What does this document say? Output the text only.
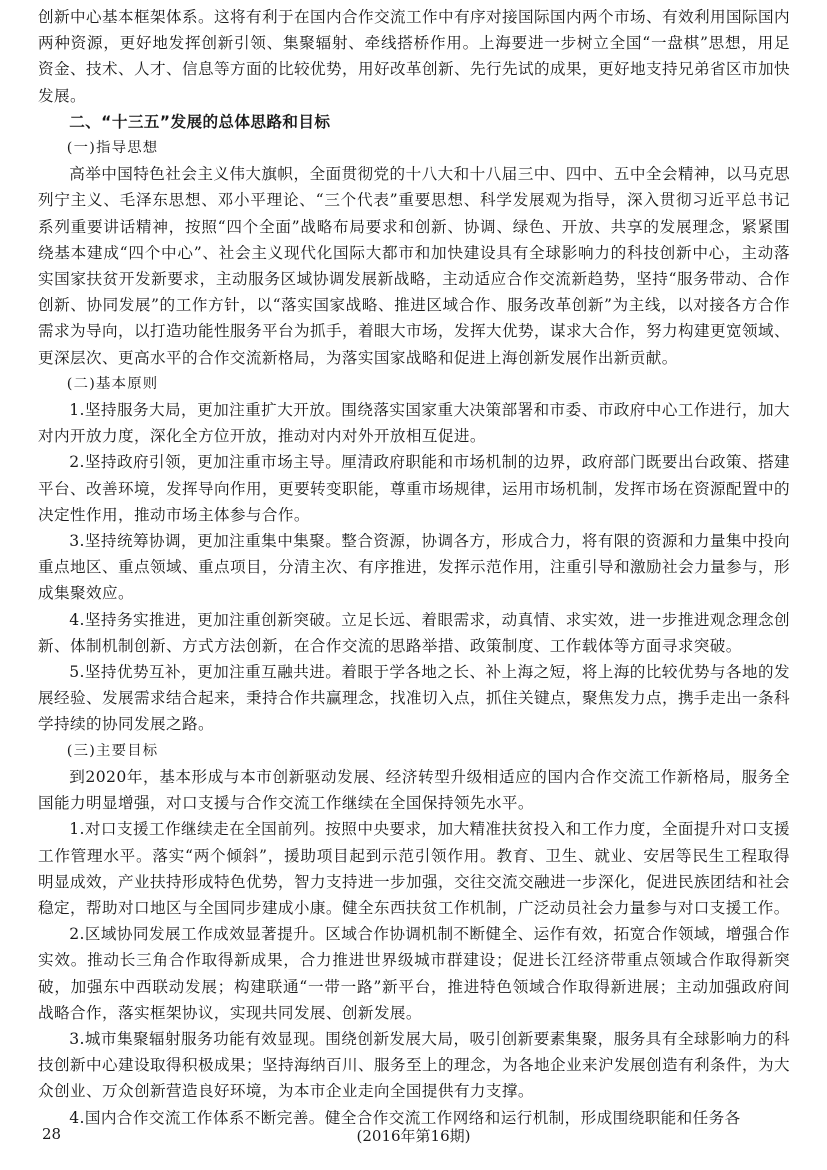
创新中心基本框架体系。这将有利于在国内合作交流工作中有序对接国际国内两个市场、有效利用国际国内两种资源，更好地发挥创新引领、集聚辐射、牵线搭桥作用。上海要进一步树立全国“一盘棋”思想，用足资金、技术、人才、信息等方面的比较优势，用好改革创新、先行先试的成果，更好地支持兄弟省区市加快发展。

二、“十三五”发展的总体思路和目标

(一)指导思想

高举中国特色社会主义伟大旗帜，全面贯彻党的十八大和十八届三中、四中、五中全会精神，以马克思列宁主义、毛泽东思想、邓小平理论、“三个代表”重要思想、科学发展观为指导，深入贯彻习近平总书记系列重要讲话精神，按照“四个全面”战略布局要求和创新、协调、绿色、开放、共享的发展理念，紧紧围绕基本建成“四个中心”、社会主义现代化国际大都市和加快建设具有全球影响力的科技创新中心，主动落实国家扶贫开发新要求，主动服务区域协调发展新战略，主动适应合作交流新趋势，坚持“服务带动、合作创新、协同发展”的工作方针，以“落实国家战略、推进区域合作、服务改革创新”为主线，以对接各方合作需求为导向，以打造功能性服务平台为抓手，着眼大市场，发挥大优势，谋求大合作，努力构建更宽领域、更深层次、更高水平的合作交流新格局，为落实国家战略和促进上海创新发展作出新贡献。

(二)基本原则

1.坚持服务大局，更加注重扩大开放。围绕落实国家重大决策部署和市委、市政府中心工作进行，加大对内开放力度，深化全方位开放，推动对内对外开放相互促进。

2.坚持政府引领，更加注重市场主导。厘清政府职能和市场机制的边界，政府部门既要出台政策、搭建平台、改善环境，发挥导向作用，更要转变职能，尊重市场规律，运用市场机制，发挥市场在资源配置中的决定性作用，推动市场主体参与合作。

3.坚持统筹协调，更加注重集中集聚。整合资源，协调各方，形成合力，将有限的资源和力量集中投向重点地区、重点领域、重点项目，分清主次、有序推进，发挥示范作用，注重引导和激励社会力量参与，形成集聚效应。

4.坚持务实推进，更加注重创新突破。立足长远、着眼需求，动真情、求实效，进一步推进观念理念创新、体制机制创新、方式方法创新，在合作交流的思路举措、政策制度、工作载体等方面寻求突破。

5.坚持优势互补，更加注重互融共进。着眼于学各地之长、补上海之短，将上海的比较优势与各地的发展经验、发展需求结合起来，秉持合作共赢理念，找准切入点，抓住关键点，聚焦发力点，携手走出一条科学持续的协同发展之路。

(三)主要目标

到2020年，基本形成与本市创新驱动发展、经济转型升级相适应的国内合作交流工作新格局，服务全国能力明显增强，对口支援与合作交流工作继续在全国保持领先水平。

1.对口支援工作继续走在全国前列。按照中央要求，加大精准扶贫投入和工作力度，全面提升对口支援工作管理水平。落实“两个倾斜”，援助项目起到示范引领作用。教育、卫生、就业、安居等民生工程取得明显成效，产业扶持形成特色优势，智力支持进一步加强，交往交流交融进一步深化，促进民族团结和社会稳定，帮助对口地区与全国同步建成小康。健全东西扶贫工作机制，广泛动员社会力量参与对口支援工作。

2.区域协同发展工作成效显著提升。区域合作协调机制不断健全、运作有效，拓宽合作领域，增强合作实效。推动长三角合作取得新成果，合力推进世界级城市群建设；促进长江经济带重点领域合作取得新突破，加强东中西联动发展；构建联通“一带一路”新平台，推进特色领域合作取得新进展；主动加强政府间战略合作，落实框架协议，实现共同发展、创新发展。

3.城市集聚辐射服务功能有效显现。围绕创新发展大局，吸引创新要素集聚，服务具有全球影响力的科技创新中心建设取得积极成果；坚持海纳百川、服务至上的理念，为各地企业来沪发展创造有利条件，为大众创业、万众创新营造良好环境，为本市企业走向全国提供有力支撑。

4.国内合作交流工作体系不断完善。健全合作交流工作网络和运行机制，形成围绕职能和任务各

28	(2016年第16期)
